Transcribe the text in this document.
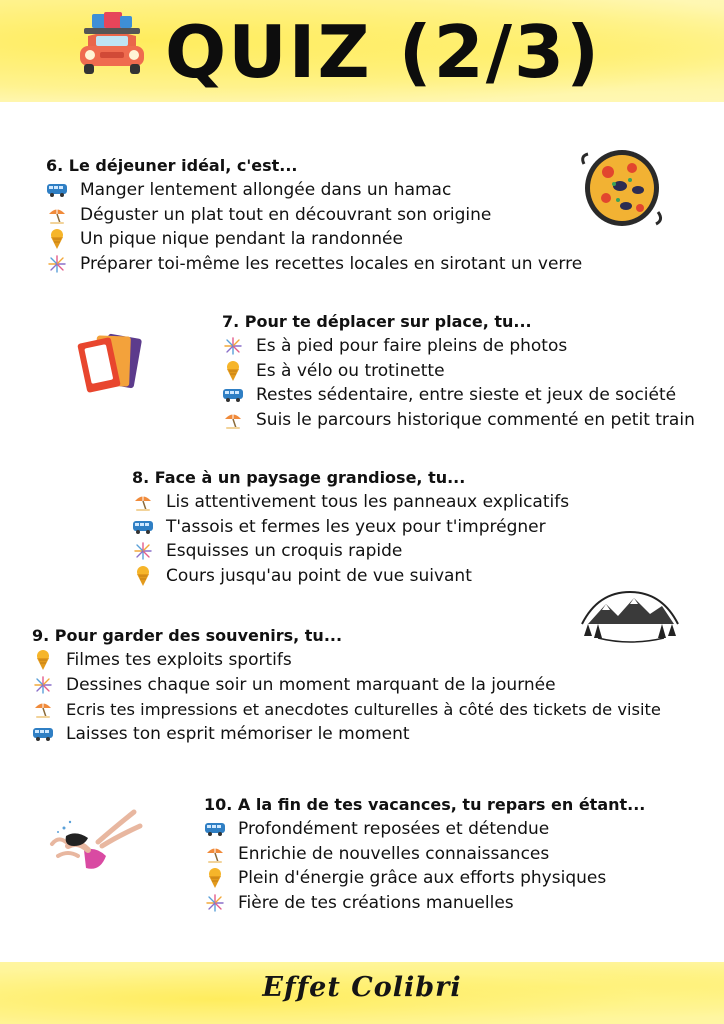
QUIZ (2/3)
6. Le déjeuner idéal, c'est...
Manger lentement allongée dans un hamac
Déguster un plat tout en découvrant son origine
Un pique nique pendant la randonnée
Préparer toi-même les recettes locales en sirotant un verre
7. Pour te déplacer sur place, tu...
Es à pied pour faire pleins de photos
Es à vélo ou trotinette
Restes sédentaire, entre sieste et jeux de société
Suis le parcours historique commenté en petit train
8. Face à un paysage grandiose, tu...
Lis attentivement tous les panneaux explicatifs
T'assois et fermes les yeux pour t'imprégner
Esquisses un croquis rapide
Cours jusqu'au point de vue suivant
9. Pour garder des souvenirs, tu...
Filmes tes exploits sportifs
Dessines chaque soir un moment marquant de la journée
Ecris tes impressions et anecdotes culturelles à côté des tickets de visite
Laisses ton esprit mémoriser le moment
10. A la fin de tes vacances, tu repars en étant...
Profondément reposées et détendue
Enrichie de nouvelles connaissances
Plein d'énergie grâce aux efforts physiques
Fière de tes créations manuelles
Effet Colibri
